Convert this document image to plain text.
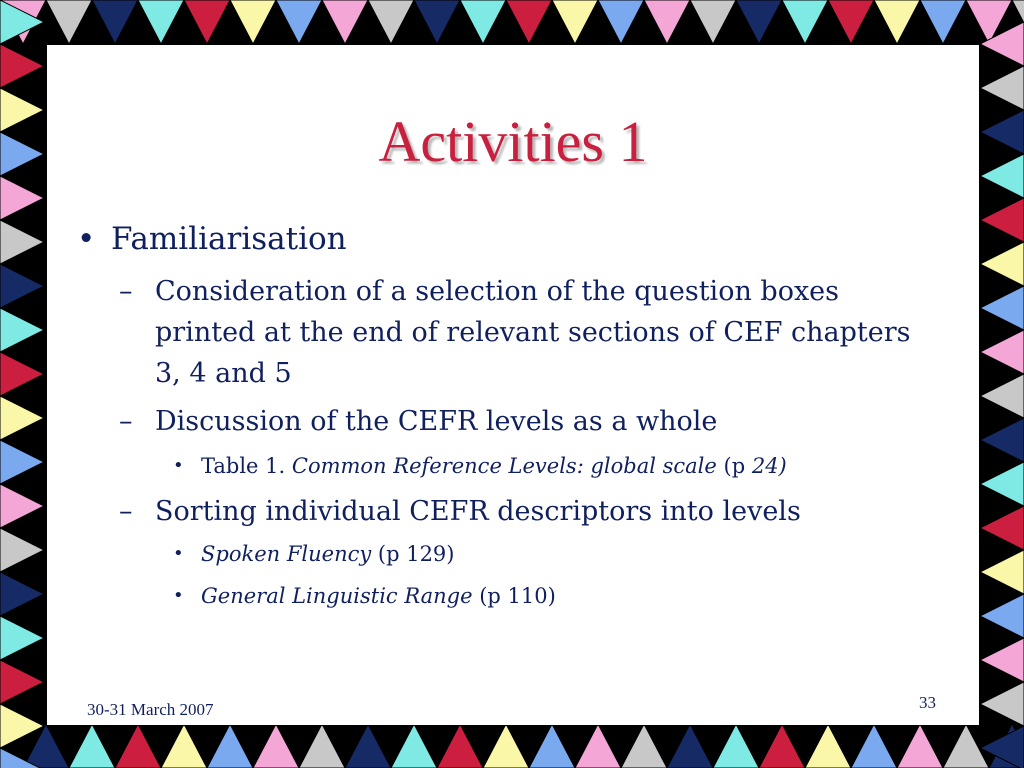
Activities 1
• Familiarisation
– Consideration of a selection of the question boxes printed at the end of relevant sections of CEF chapters 3, 4 and 5
– Discussion of the CEFR levels as a whole
• Table 1. Common Reference Levels: global scale (p 24)
– Sorting individual CEFR descriptors into levels
• Spoken Fluency (p 129)
• General Linguistic Range (p 110)
30-31 March 2007	33
